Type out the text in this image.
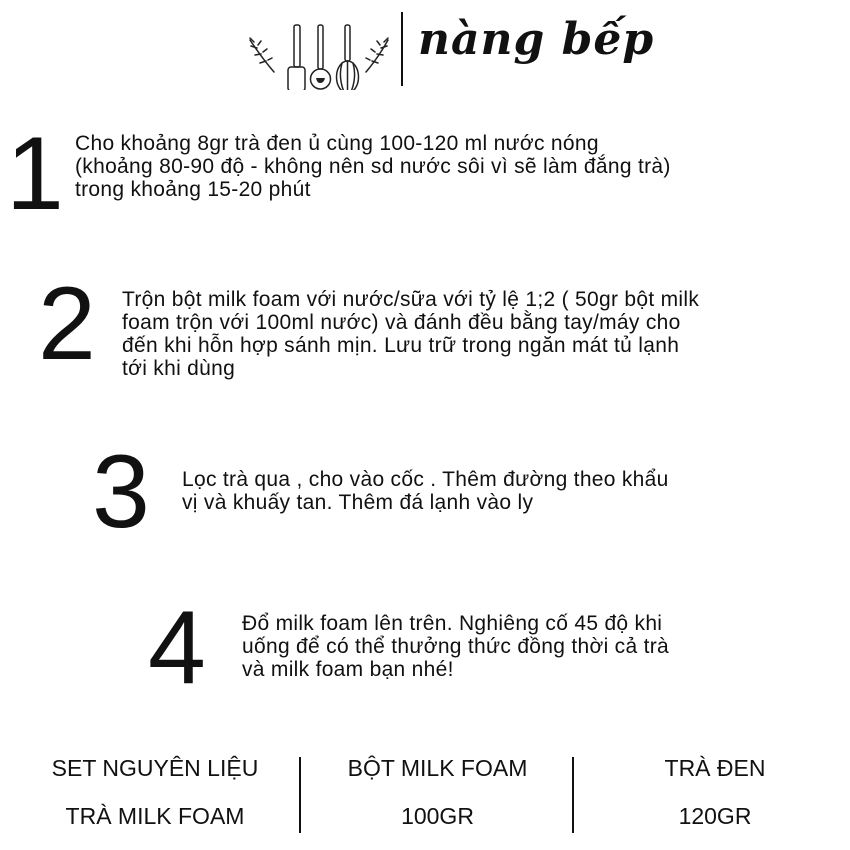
nàng bếp
1 Cho khoảng 8gr trà đen ủ cùng 100-120 ml nước nóng
(khoảng 80-90 độ - không nên sd nước sôi vì sẽ làm đắng trà)
trong khoảng 15-20 phút
2 Trộn bột milk foam với nước/sữa với tỷ lệ 1;2 ( 50gr bột milk
foam trộn với 100ml nước) và đánh đều bằng tay/máy cho
đến khi hỗn hợp sánh mịn. Lưu trữ trong ngăn mát tủ lạnh
tới khi dùng
3 Lọc trà qua , cho vào cốc . Thêm đường theo khẩu
vị và khuấy tan. Thêm đá lạnh vào ly
4 Đổ milk foam lên trên. Nghiêng cố 45 độ khi
uống để có thể thưởng thức đồng thời cả trà
và milk foam bạn nhé!
SET NGUYÊN LIỆU
TRÀ MILK FOAM
BỘT MILK FOAM
100GR
TRÀ ĐEN
120GR
